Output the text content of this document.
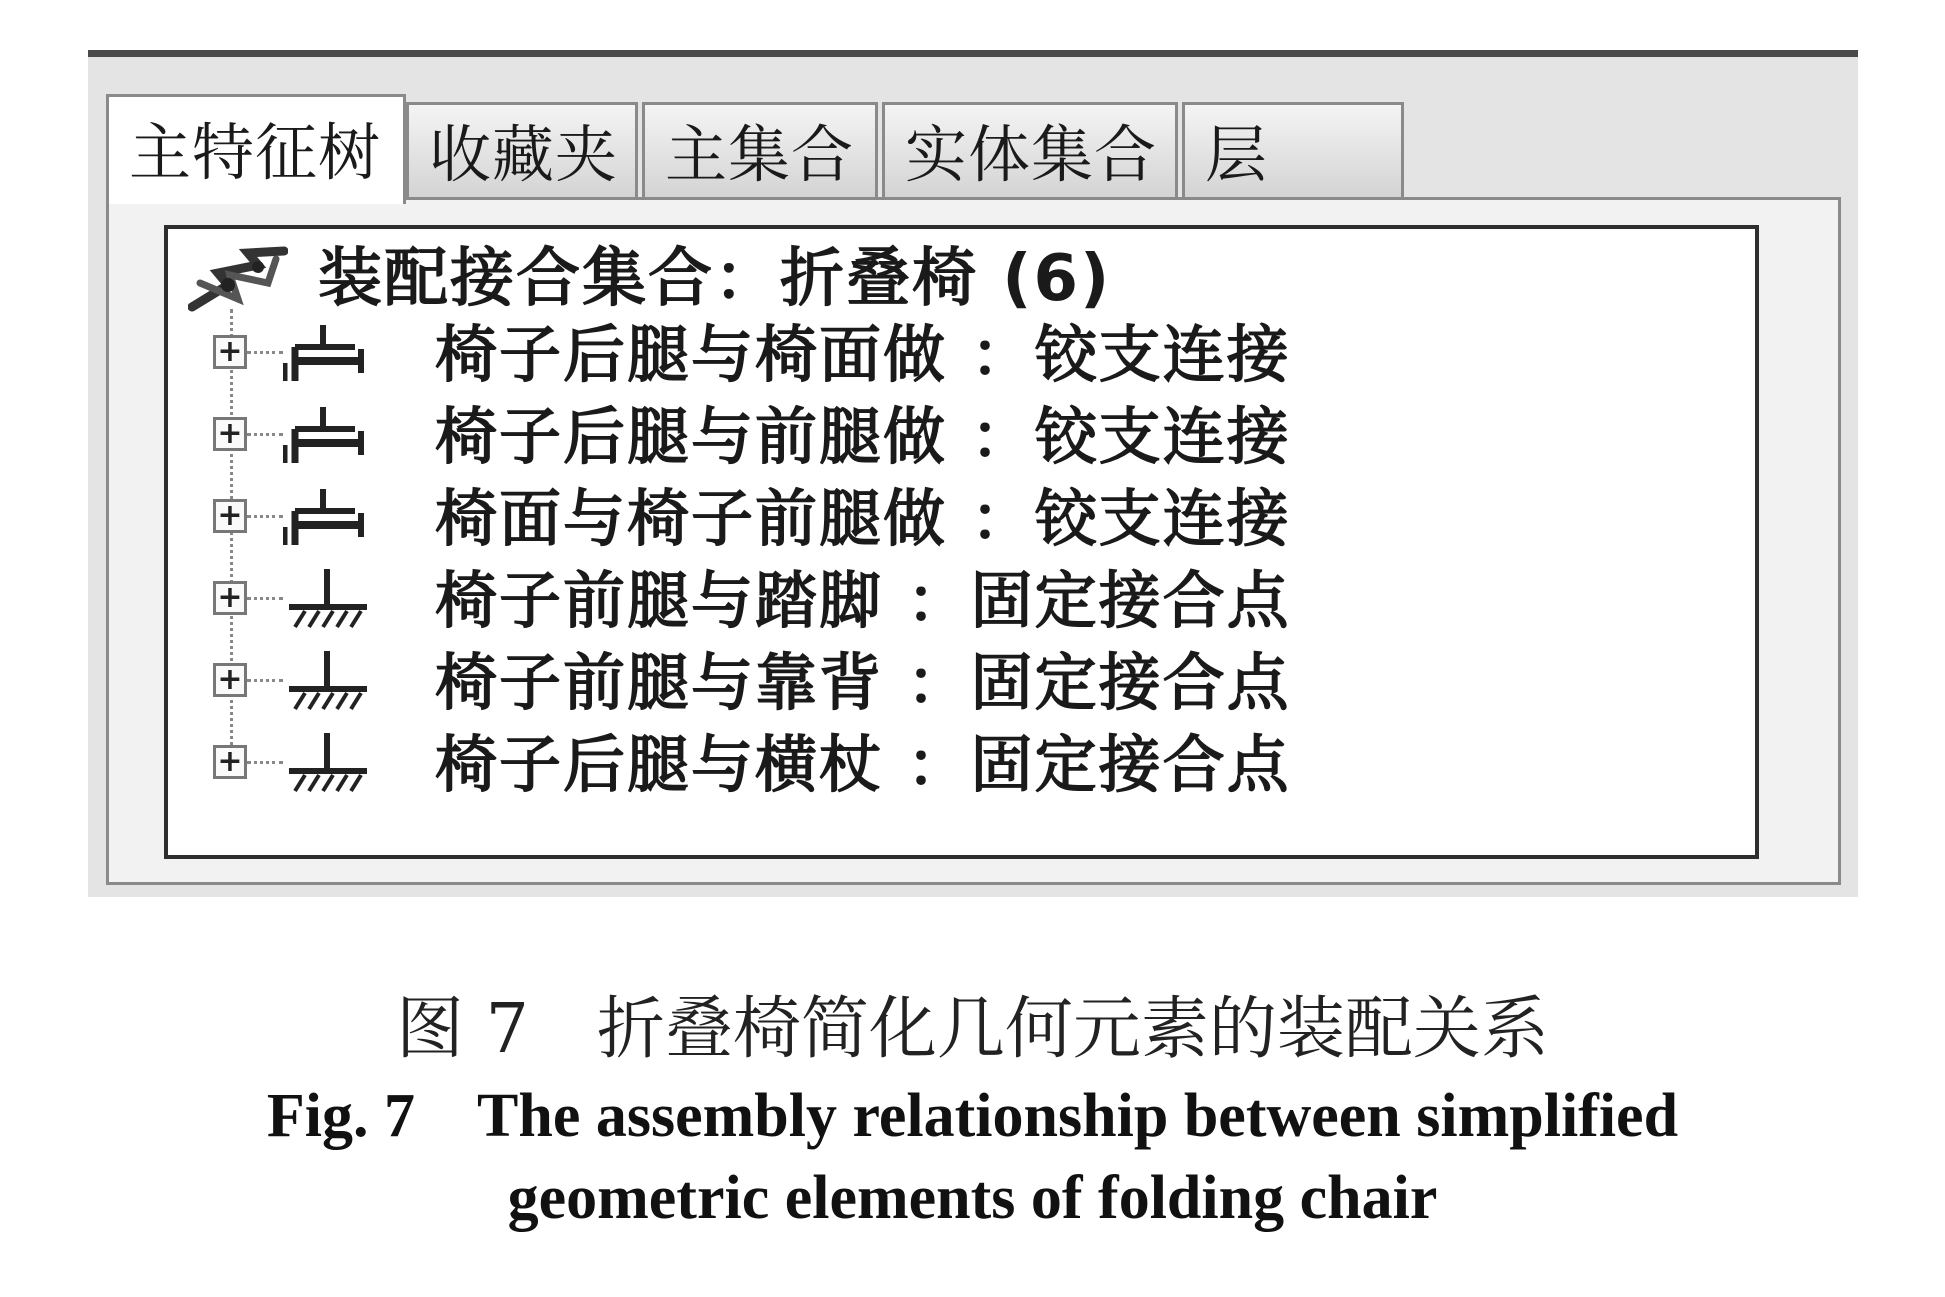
主特征树 收藏夹 主集合 实体集合 层
装配接合集合：折叠椅 (6)
+	椅子后腿与椅面做 ：铰支连接
+	椅子后腿与前腿做 ：铰支连接
+	椅面与椅子前腿做 ：铰支连接
+	椅子前腿与踏脚 ：固定接合点
+	椅子前腿与靠背 ：固定接合点
+	椅子后腿与横杖 ：固定接合点
图 7　折叠椅简化几何元素的装配关系
Fig. 7　The assembly relationship between simplified
geometric elements of folding chair
